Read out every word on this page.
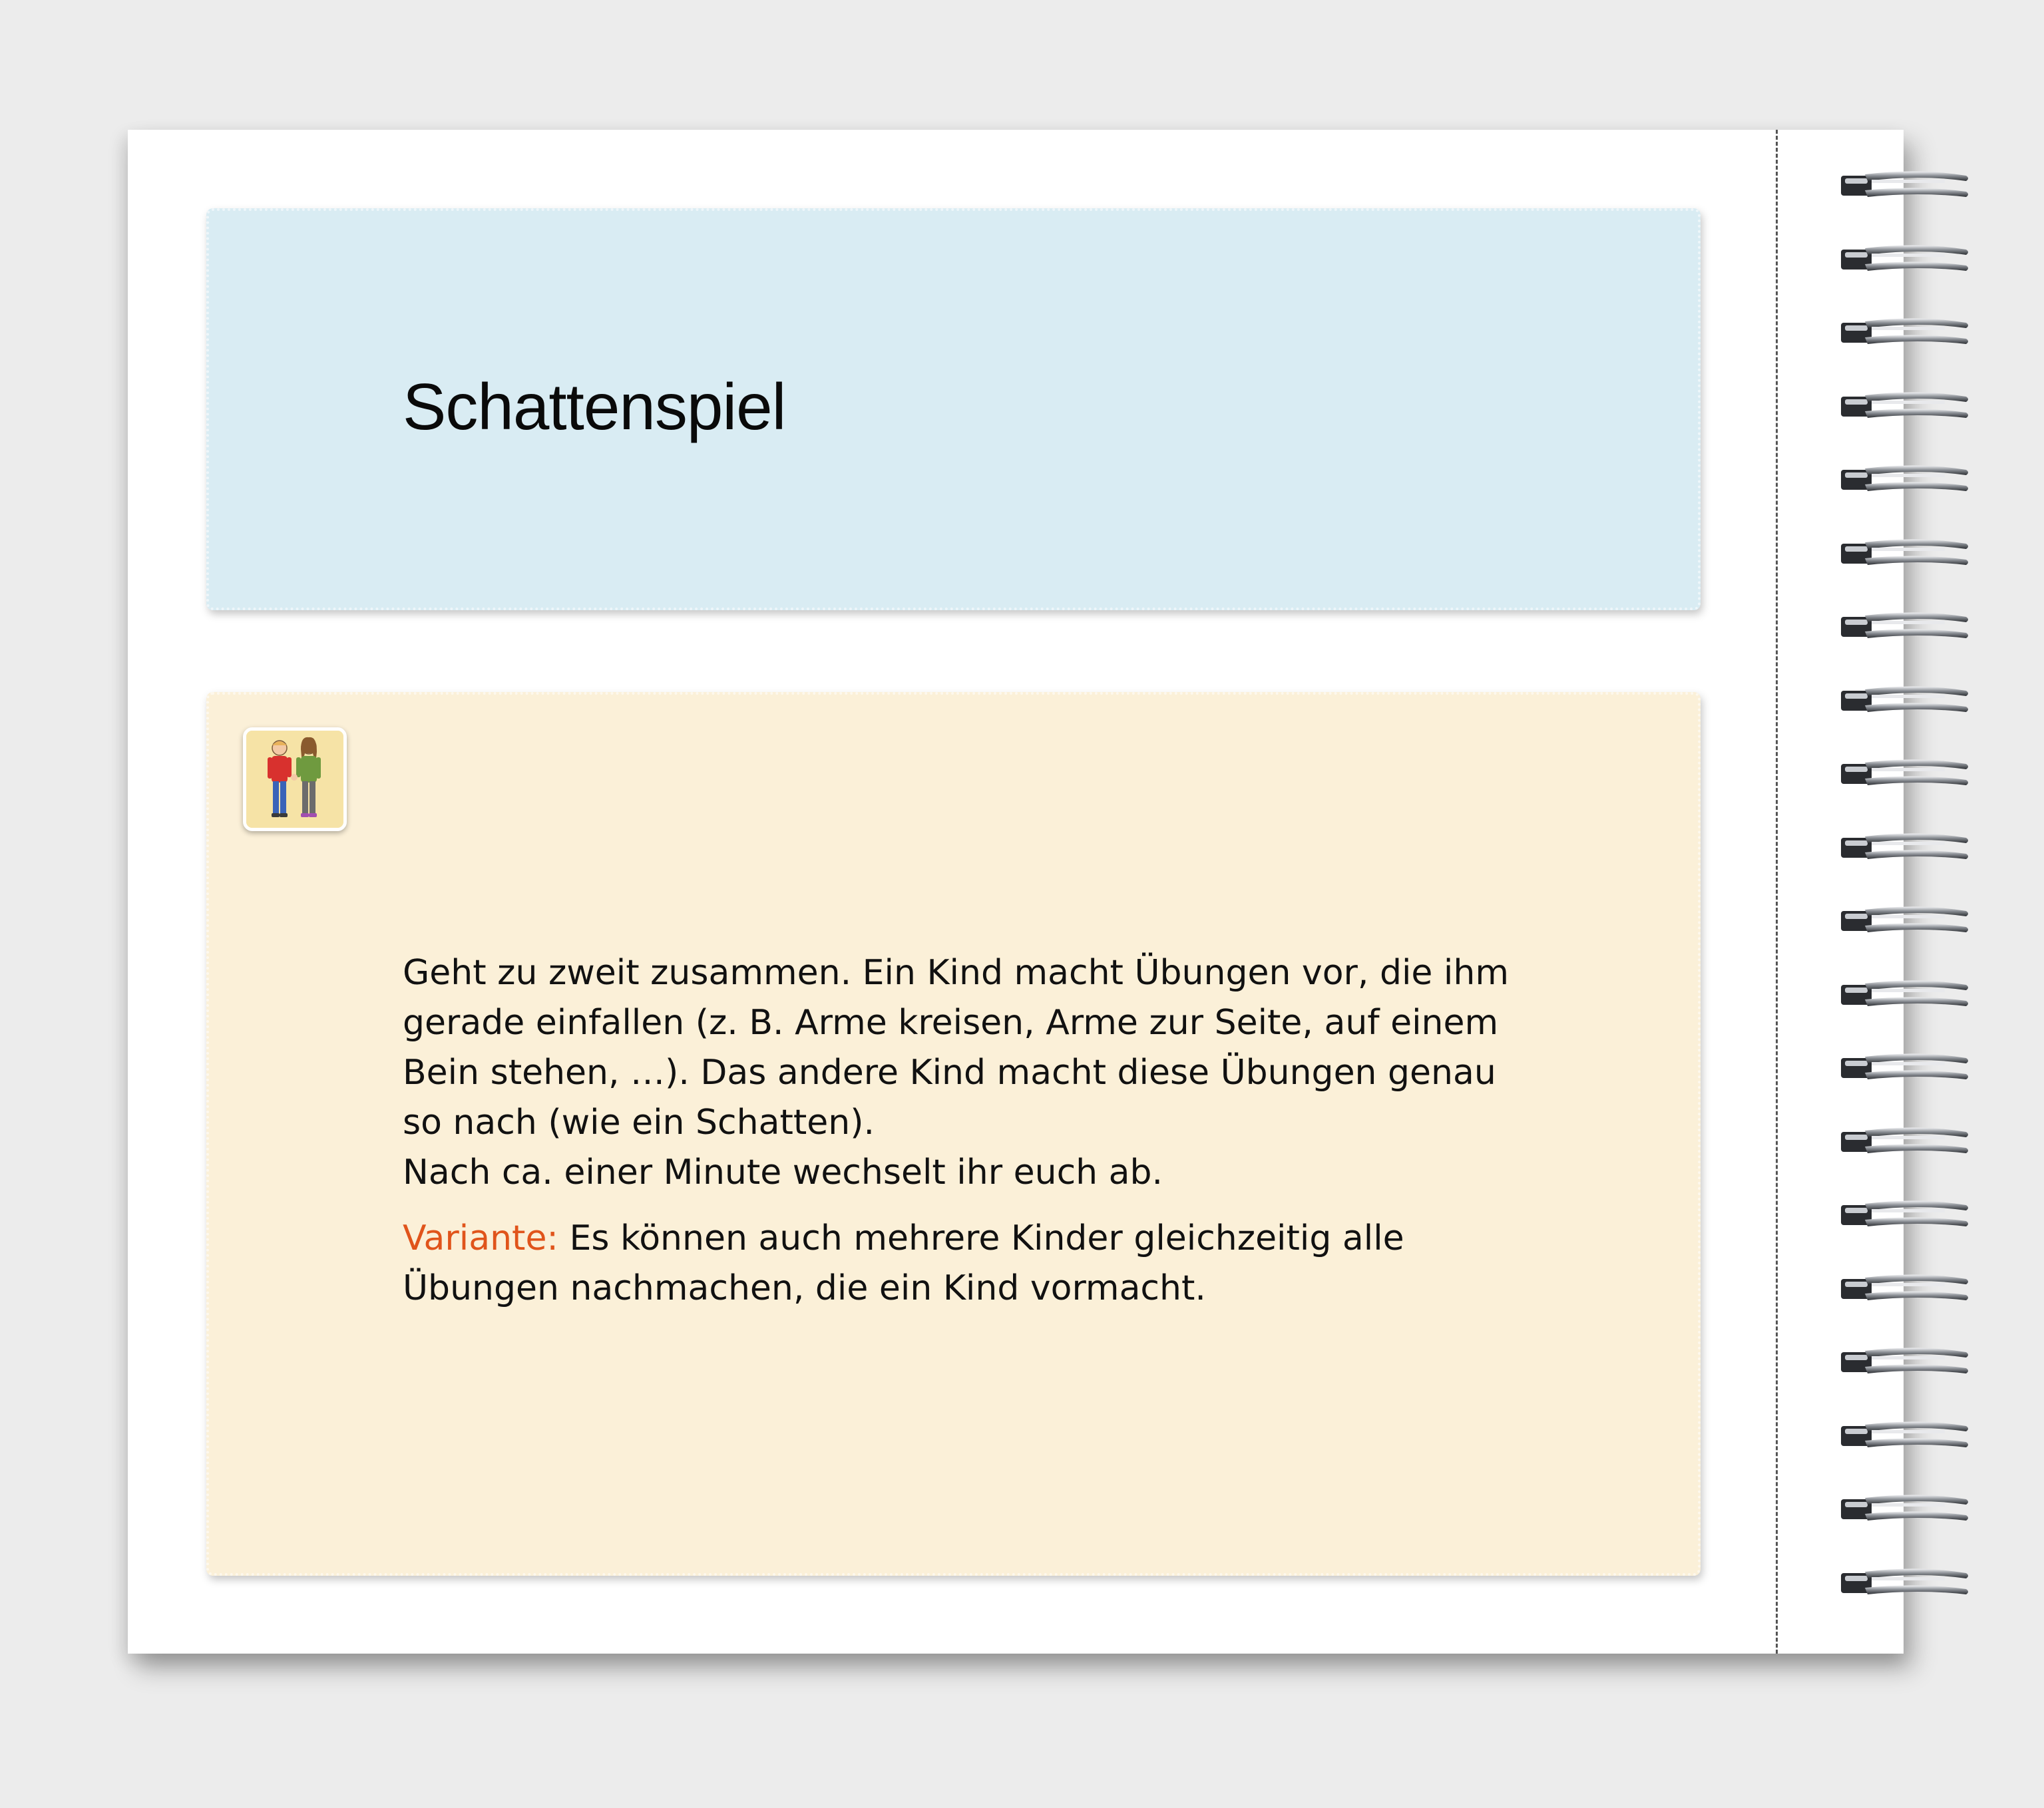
Schattenspiel

Geht zu zweit zusammen. Ein Kind macht Übungen vor, die ihm

gerade einfallen (z. B. Arme kreisen, Arme zur Seite, auf einem

Bein stehen, …). Das andere Kind macht diese Übungen genau

so nach (wie ein Schatten).

Nach ca. einer Minute wechselt ihr euch ab.

Variante: Es können auch mehrere Kinder gleichzeitig alle

Übungen nachmachen, die ein Kind vormacht.
